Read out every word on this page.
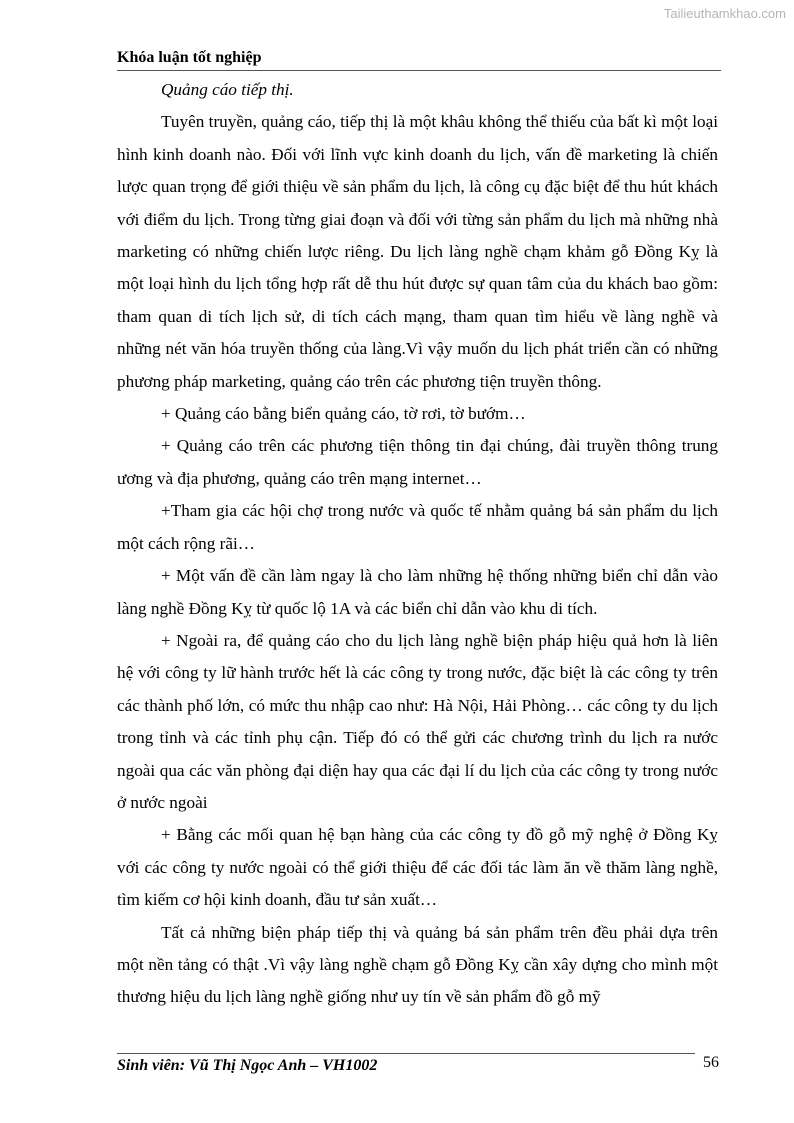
Tailieuthamkhao.com
Khóa luận tốt nghiệp

Quảng cáo tiếp thị.

Tuyên truyền, quảng cáo, tiếp thị là một khâu không thể thiếu của bất kì một loại hình kinh doanh nào. Đối với lĩnh vực kinh doanh du lịch, vấn đề marketing là chiến lược quan trọng để giới thiệu về sản phẩm du lịch, là công cụ đặc biệt để thu hút khách với điểm du lịch. Trong từng giai đoạn và đối với từng sản phẩm du lịch mà những nhà marketing có những chiến lược riêng. Du lịch làng nghề chạm khảm gỗ Đồng Kỵ là một loại hình du lịch tổng hợp rất dễ thu hút được sự quan tâm của du khách bao gồm: tham quan di tích lịch sử, di tích cách mạng, tham quan tìm hiểu về làng nghề và những nét văn hóa truyền thống của làng.Vì vậy muốn du lịch phát triển cần có những phương pháp marketing, quảng cáo trên các phương tiện truyền thông.

+ Quảng cáo bằng biển quảng cáo, tờ rơi, tờ bướm…

+ Quảng cáo trên các phương tiện thông tin đại chúng, đài truyền thông trung ương và địa phương, quảng cáo trên mạng internet…

+Tham gia các hội chợ trong nước và quốc tế nhằm quảng bá sản phẩm du lịch một cách rộng rãi…

+ Một vấn đề cần làm ngay là cho làm những hệ thống những biển chỉ dẫn vào làng nghề Đồng Kỵ từ quốc lộ 1A và các biển chỉ dẫn vào khu di tích.

+ Ngoài ra, để quảng cáo cho du lịch làng nghề biện pháp hiệu quả hơn là liên hệ với công ty lữ hành trước hết là các công ty trong nước, đặc biệt là các công ty trên các thành phố lớn, có mức thu nhập cao như: Hà Nội, Hải Phòng… các công ty du lịch trong tỉnh và các tỉnh phụ cận. Tiếp đó có thể gửi các chương trình du lịch ra nước ngoài qua các văn phòng đại diện hay qua các đại lí du lịch của các công ty trong nước ở nước ngoài

+ Bằng các mối quan hệ bạn hàng của các công ty đồ gỗ mỹ nghệ ở Đồng Kỵ với các công ty nước ngoài có thể giới thiệu để các đối tác làm ăn về thăm làng nghề, tìm kiếm cơ hội kinh doanh, đầu tư sản xuất…

Tất cả những biện pháp tiếp thị và quảng bá sản phẩm trên đều phải dựa trên một nền tảng có thật .Vì vậy làng nghề chạm gỗ Đồng Kỵ cần xây dựng cho mình một thương hiệu du lịch làng nghề giống như uy tín về sản phẩm đồ gỗ mỹ

Sinh viên: Vũ Thị Ngọc Anh – VH1002	56
